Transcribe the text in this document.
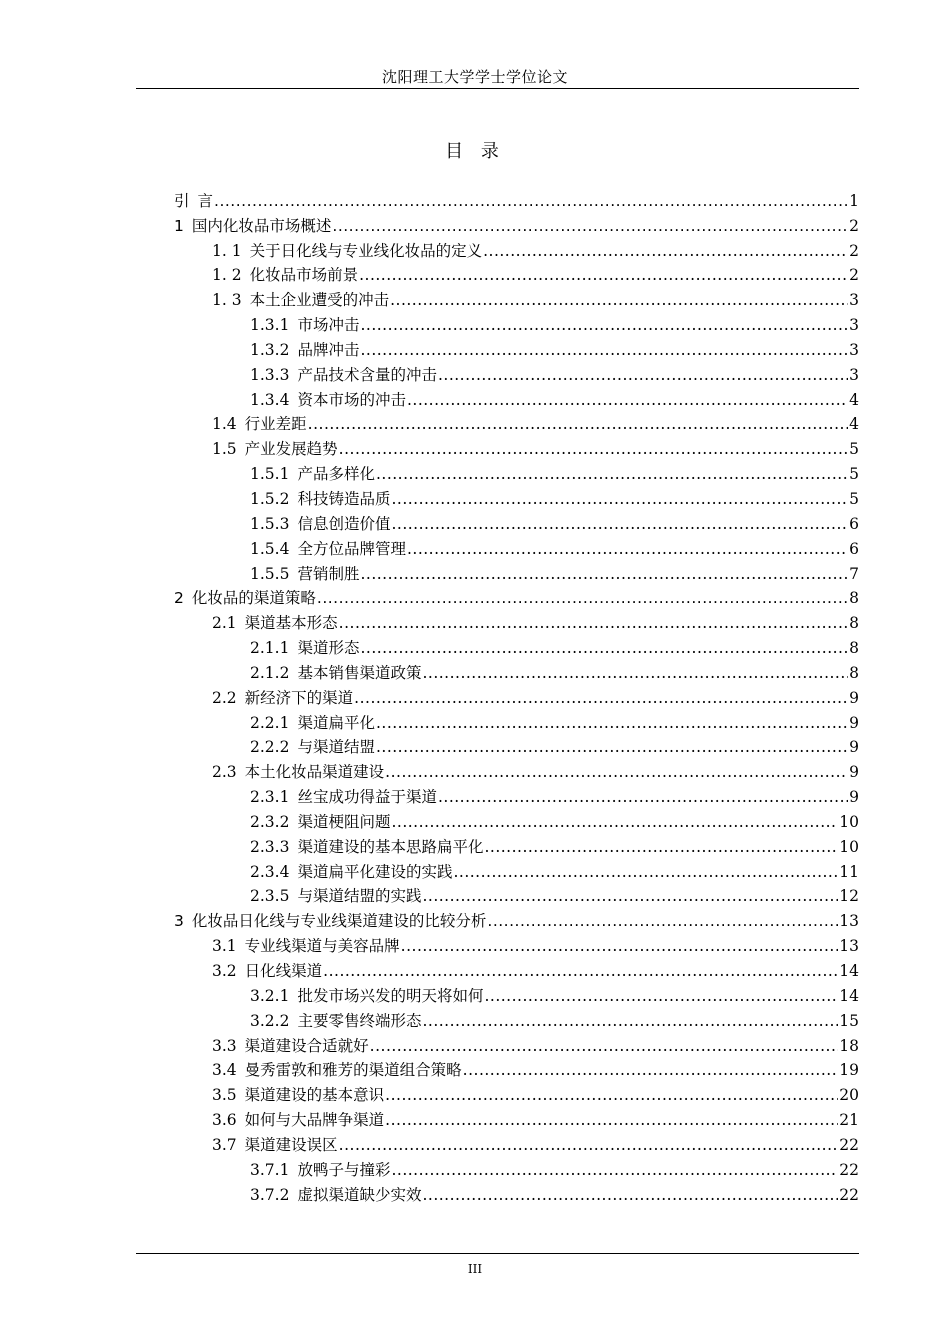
沈阳理工大学学士学位论文
目 录
引 言 .....	1
1 国内化妆品市场概述 .....	2
1. 1 关于日化线与专业线化妆品的定义 .....	2
1. 2 化妆品市场前景 .....	2
1. 3 本土企业遭受的冲击 .....	3
1.3.1 市场冲击 .....	3
1.3.2 品牌冲击 .....	3
1.3.3 产品技术含量的冲击 .....	3
1.3.4 资本市场的冲击 .....	4
1.4 行业差距 .....	4
1.5 产业发展趋势 .....	5
1.5.1 产品多样化 .....	5
1.5.2 科技铸造品质 .....	5
1.5.3 信息创造价值 .....	6
1.5.4 全方位品牌管理 .....	6
1.5.5 营销制胜 .....	7
2 化妆品的渠道策略 .....	8
2.1 渠道基本形态 .....	8
2.1.1 渠道形态 .....	8
2.1.2 基本销售渠道政策 .....	8
2.2 新经济下的渠道 .....	9
2.2.1 渠道扁平化 .....	9
2.2.2 与渠道结盟 .....	9
2.3 本土化妆品渠道建设 .....	9
2.3.1 丝宝成功得益于渠道 .....	9
2.3.2 渠道梗阻问题 .....	10
2.3.3 渠道建设的基本思路扁平化 .....	10
2.3.4 渠道扁平化建设的实践 .....	11
2.3.5 与渠道结盟的实践 .....	12
3 化妆品日化线与专业线渠道建设的比较分析 .....	13
3.1 专业线渠道与美容品牌 .....	13
3.2 日化线渠道 .....	14
3.2.1 批发市场兴发的明天将如何 .....	14
3.2.2 主要零售终端形态 .....	15
3.3 渠道建设合适就好 .....	18
3.4 曼秀雷敦和雅芳的渠道组合策略 .....	19
3.5 渠道建设的基本意识 .....	20
3.6 如何与大品牌争渠道 .....	21
3.7 渠道建设误区 .....	22
3.7.1 放鸭子与撞彩 .....	22
3.7.2 虚拟渠道缺少实效 .....	22
III
